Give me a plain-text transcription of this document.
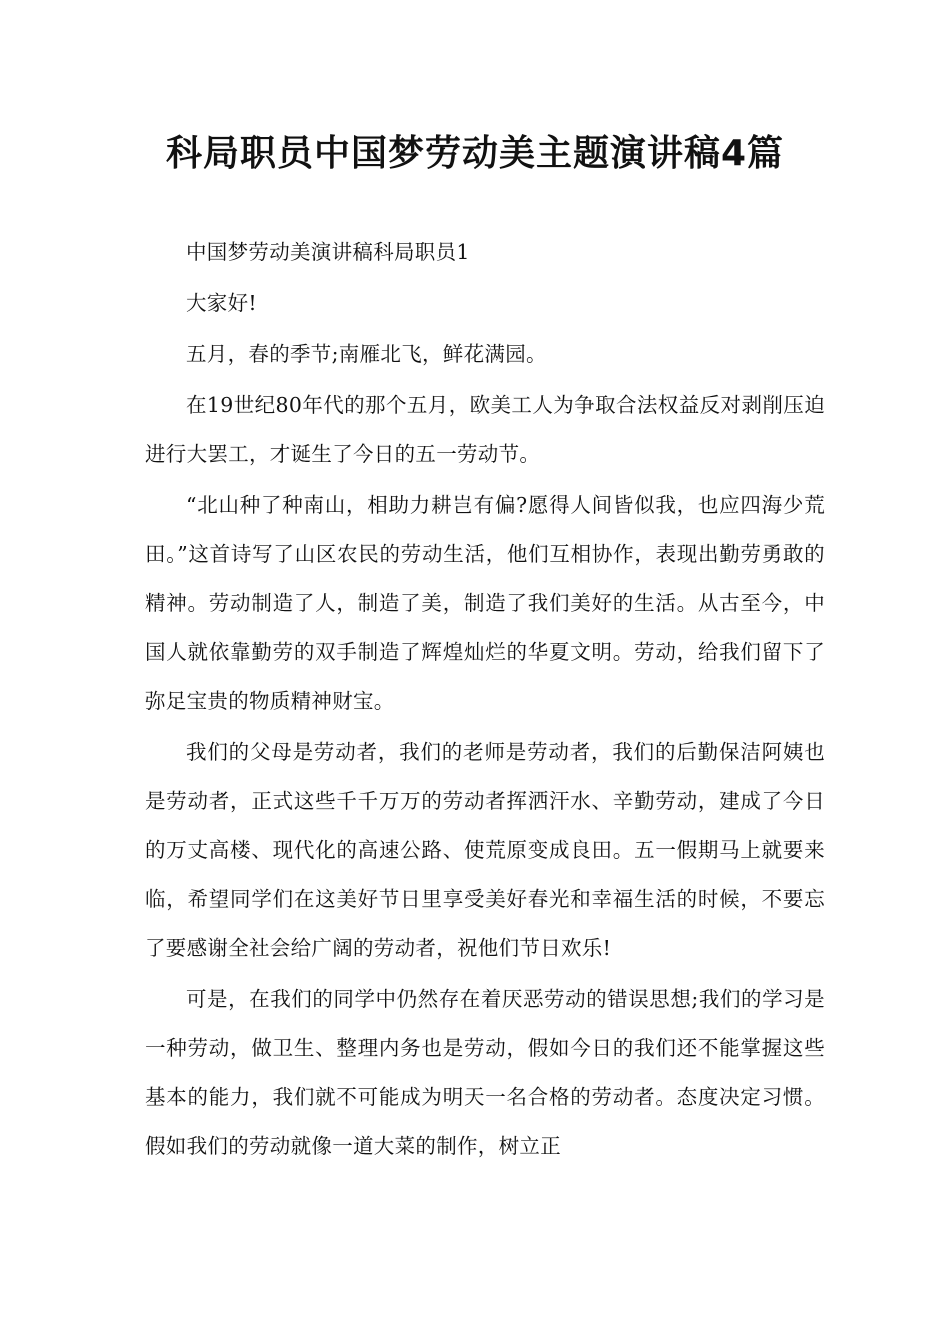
科局职员中国梦劳动美主题演讲稿4篇

中国梦劳动美演讲稿科局职员1

大家好!

五月，春的季节;南雁北飞，鲜花满园。

在19世纪80年代的那个五月，欧美工人为争取合法权益反对剥削压迫进行大罢工，才诞生了今日的五一劳动节。

“北山种了种南山，相助力耕岂有偏?愿得人间皆似我，也应四海少荒田。”这首诗写了山区农民的劳动生活，他们互相协作，表现出勤劳勇敢的精神。劳动制造了人，制造了美，制造了我们美好的生活。从古至今，中国人就依靠勤劳的双手制造了辉煌灿烂的华夏文明。劳动，给我们留下了弥足宝贵的物质精神财宝。

我们的父母是劳动者，我们的老师是劳动者，我们的后勤保洁阿姨也是劳动者，正式这些千千万万的劳动者挥洒汗水、辛勤劳动，建成了今日的万丈高楼、现代化的高速公路、使荒原变成良田。五一假期马上就要来临，希望同学们在这美好节日里享受美好春光和幸福生活的时候，不要忘了要感谢全社会给广阔的劳动者，祝他们节日欢乐!

可是，在我们的同学中仍然存在着厌恶劳动的错误思想;我们的学习是一种劳动，做卫生、整理内务也是劳动，假如今日的我们还不能掌握这些基本的能力，我们就不可能成为明天一名合格的劳动者。态度决定习惯。假如我们的劳动就像一道大菜的制作，树立正
